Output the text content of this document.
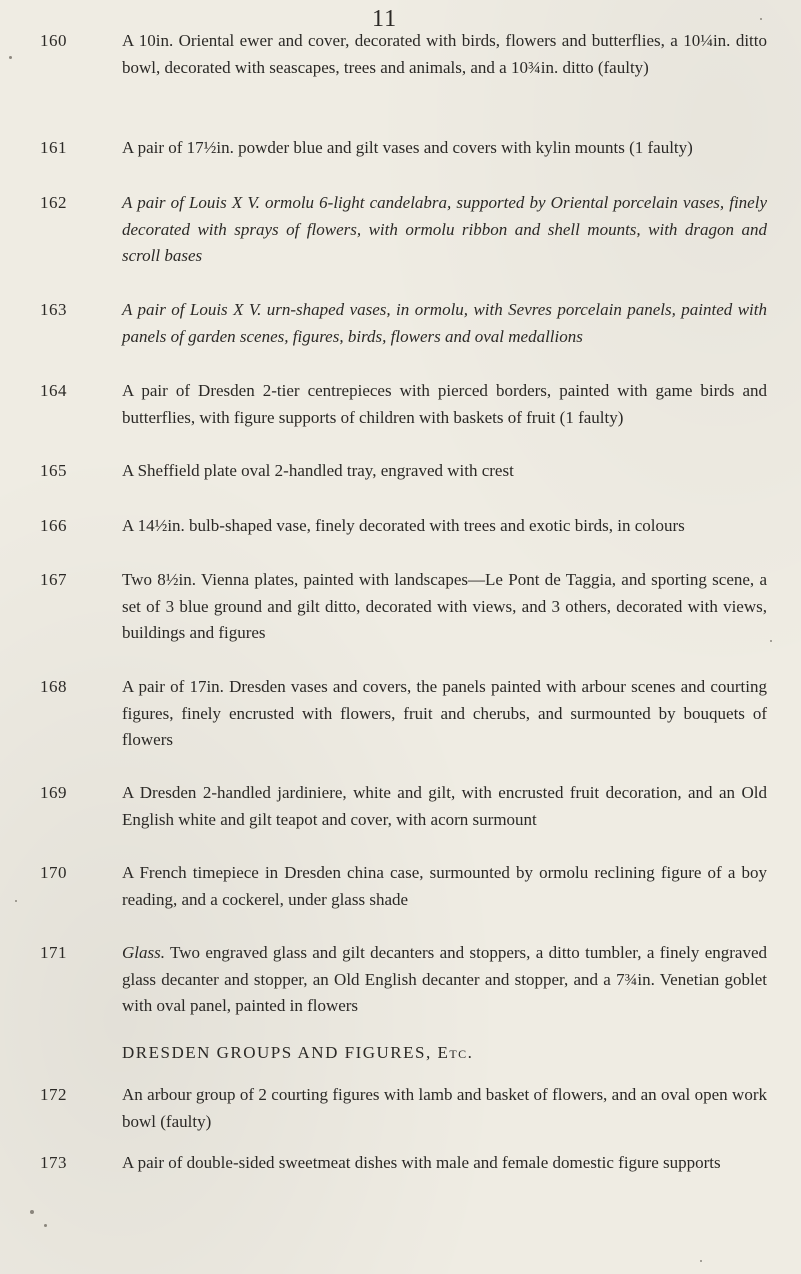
11
160	A 10in. Oriental ewer and cover, decorated with birds, flowers and butterflies, a 10¼in. ditto bowl, decorated with seascapes, trees and animals, and a 10¾in. ditto (faulty)
161	A pair of 17½in. powder blue and gilt vases and covers with kylin mounts (1 faulty)
162	A pair of Louis X V. ormolu 6-light candelabra, supported by Oriental porcelain vases, finely decorated with sprays of flowers, with ormolu ribbon and shell mounts, with dragon and scroll bases
163	A pair of Louis X V. urn-shaped vases, in ormolu, with Sevres porcelain panels, painted with panels of garden scenes, figures, birds, flowers and oval medallions
164	A pair of Dresden 2-tier centrepieces with pierced borders, painted with game birds and butterflies, with figure supports of children with baskets of fruit (1 faulty)
165	A Sheffield plate oval 2-handled tray, engraved with crest
166	A 14½in. bulb-shaped vase, finely decorated with trees and exotic birds, in colours
167	Two 8½in. Vienna plates, painted with landscapes—Le Pont de Taggia, and sporting scene, a set of 3 blue ground and gilt ditto, decorated with views, and 3 others, decorated with views, buildings and figures
168	A pair of 17in. Dresden vases and covers, the panels painted with arbour scenes and courting figures, finely encrusted with flowers, fruit and cherubs, and surmounted by bouquets of flowers
169	A Dresden 2-handled jardiniere, white and gilt, with encrusted fruit decoration, and an Old English white and gilt teapot and cover, with acorn surmount
170	A French timepiece in Dresden china case, surmounted by ormolu reclining figure of a boy reading, and a cockerel, under glass shade
171	Glass. Two engraved glass and gilt decanters and stoppers, a ditto tumbler, a finely engraved glass decanter and stopper, an Old English decanter and stopper, and a 7¾in. Venetian goblet with oval panel, painted in flowers
DRESDEN GROUPS AND FIGURES, Etc.
172	An arbour group of 2 courting figures with lamb and basket of flowers, and an oval open work bowl (faulty)
173	A pair of double-sided sweetmeat dishes with male and female domestic figure supports
